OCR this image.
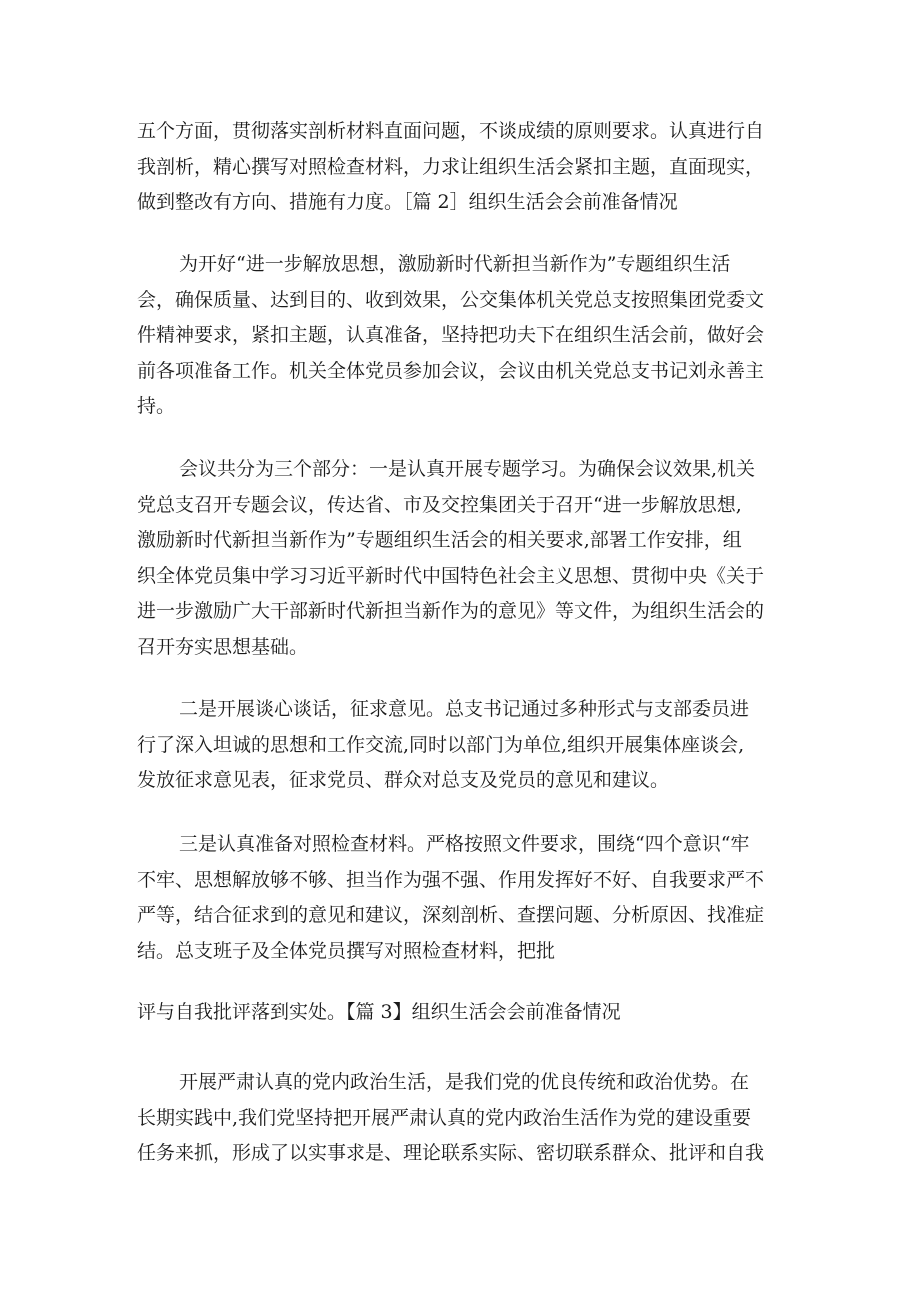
五个方面，贯彻落实剖析材料直面问题，不谈成绩的原则要求。认真进行自
我剖析，精心撰写对照检查材料，力求让组织生活会紧扣主题，直面现实，
做到整改有方向、措施有力度。［篇 2］组织生活会会前准备情况

为开好“进一步解放思想，激励新时代新担当新作为”专题组织生活
会，确保质量、达到目的、收到效果，公交集体机关党总支按照集团党委文
件精神要求，紧扣主题，认真准备，坚持把功夫下在组织生活会前，做好会
前各项准备工作。机关全体党员参加会议，会议由机关党总支书记刘永善主
持。

会议共分为三个部分：一是认真开展专题学习。为确保会议效果,机关
党总支召开专题会议，传达省、市及交控集团关于召开“进一步解放思想,
激励新时代新担当新作为”专题组织生活会的相关要求,部署工作安排，组
织全体党员集中学习习近平新时代中国特色社会主义思想、贯彻中央《关于
进一步激励广大干部新时代新担当新作为的意见》等文件，为组织生活会的
召开夯实思想基础。

二是开展谈心谈话，征求意见。总支书记通过多种形式与支部委员进
行了深入坦诚的思想和工作交流,同时以部门为单位,组织开展集体座谈会,
发放征求意见表，征求党员、群众对总支及党员的意见和建议。

三是认真准备对照检查材料。严格按照文件要求，围绕“四个意识“牢
不牢、思想解放够不够、担当作为强不强、作用发挥好不好、自我要求严不
严等，结合征求到的意见和建议，深刻剖析、查摆问题、分析原因、找准症
结。总支班子及全体党员撰写对照检查材料，把批

评与自我批评落到实处。【篇 3】组织生活会会前准备情况

开展严肃认真的党内政治生活，是我们党的优良传统和政治优势。在
长期实践中,我们党坚持把开展严肃认真的党内政治生活作为党的建设重要
任务来抓，形成了以实事求是、理论联系实际、密切联系群众、批评和自我
